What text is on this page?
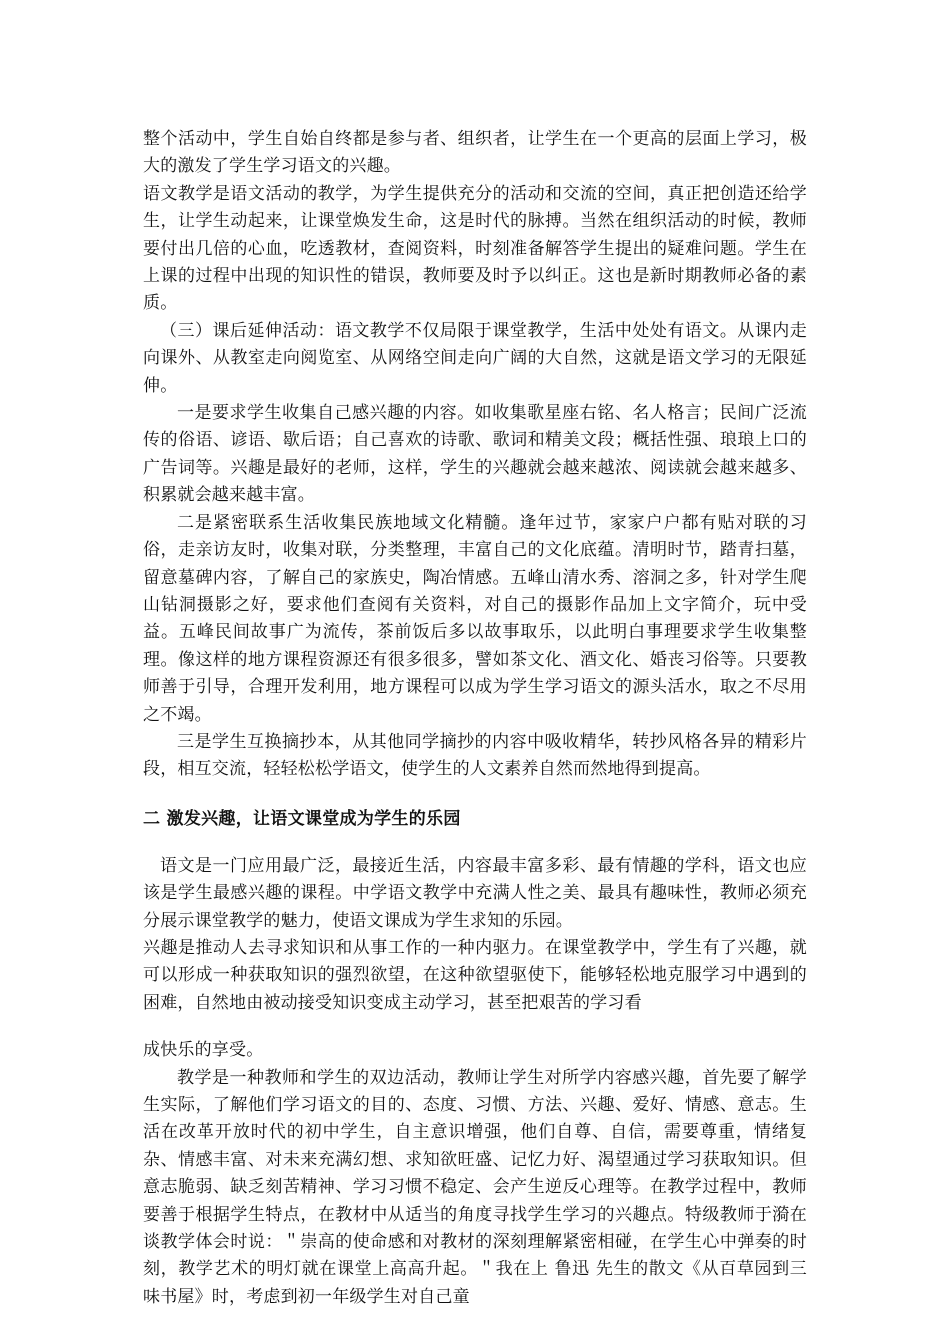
整个活动中，学生自始自终都是参与者、组织者，让学生在一个更高的层面上学习，极大的激发了学生学习语文的兴趣。

语文教学是语文活动的教学，为学生提供充分的活动和交流的空间，真正把创造还给学生，让学生动起来，让课堂焕发生命，这是时代的脉搏。当然在组织活动的时候，教师要付出几倍的心血，吃透教材，查阅资料，时刻准备解答学生提出的疑难问题。学生在上课的过程中出现的知识性的错误，教师要及时予以纠正。这也是新时期教师必备的素质。

（三）课后延伸活动：语文教学不仅局限于课堂教学，生活中处处有语文。从课内走向课外、从教室走向阅览室、从网络空间走向广阔的大自然，这就是语文学习的无限延伸。

一是要求学生收集自己感兴趣的内容。如收集歌星座右铭、名人格言；民间广泛流传的俗语、谚语、歇后语；自己喜欢的诗歌、歌词和精美文段；概括性强、琅琅上口的广告词等。兴趣是最好的老师，这样，学生的兴趣就会越来越浓、阅读就会越来越多、积累就会越来越丰富。

二是紧密联系生活收集民族地域文化精髓。逢年过节，家家户户都有贴对联的习俗，走亲访友时，收集对联，分类整理，丰富自己的文化底蕴。清明时节，踏青扫墓，留意墓碑内容，了解自己的家族史，陶冶情感。五峰山清水秀、溶洞之多，针对学生爬山钻洞摄影之好，要求他们查阅有关资料，对自己的摄影作品加上文字简介，玩中受益。五峰民间故事广为流传，茶前饭后多以故事取乐，以此明白事理要求学生收集整理。像这样的地方课程资源还有很多很多，譬如茶文化、酒文化、婚丧习俗等。只要教师善于引导，合理开发利用，地方课程可以成为学生学习语文的源头活水，取之不尽用之不竭。

三是学生互换摘抄本，从其他同学摘抄的内容中吸收精华，转抄风格各异的精彩片段，相互交流，轻轻松松学语文，使学生的人文素养自然而然地得到提高。

二 激发兴趣，让语文课堂成为学生的乐园

语文是一门应用最广泛，最接近生活，内容最丰富多彩、最有情趣的学科，语文也应该是学生最感兴趣的课程。中学语文教学中充满人性之美、最具有趣味性，教师必须充分展示课堂教学的魅力，使语文课成为学生求知的乐园。

兴趣是推动人去寻求知识和从事工作的一种内驱力。在课堂教学中，学生有了兴趣，就可以形成一种获取知识的强烈欲望，在这种欲望驱使下，能够轻松地克服学习中遇到的困难，自然地由被动接受知识变成主动学习，甚至把艰苦的学习看

成快乐的享受。

教学是一种教师和学生的双边活动，教师让学生对所学内容感兴趣，首先要了解学生实际，了解他们学习语文的目的、态度、习惯、方法、兴趣、爱好、情感、意志。生活在改革开放时代的初中学生，自主意识增强，他们自尊、自信，需要尊重，情绪复杂、情感丰富、对未来充满幻想、求知欲旺盛、记忆力好、渴望通过学习获取知识。但意志脆弱、缺乏刻苦精神、学习习惯不稳定、会产生逆反心理等。在教学过程中，教师要善于根据学生特点，在教材中从适当的角度寻找学生学习的兴趣点。特级教师于漪在谈教学体会时说：＂崇高的使命感和对教材的深刻理解紧密相碰，在学生心中弹奏的时刻，教学艺术的明灯就在课堂上高高升起。＂我在上 鲁迅 先生的散文《从百草园到三味书屋》时，考虑到初一年级学生对自己童
